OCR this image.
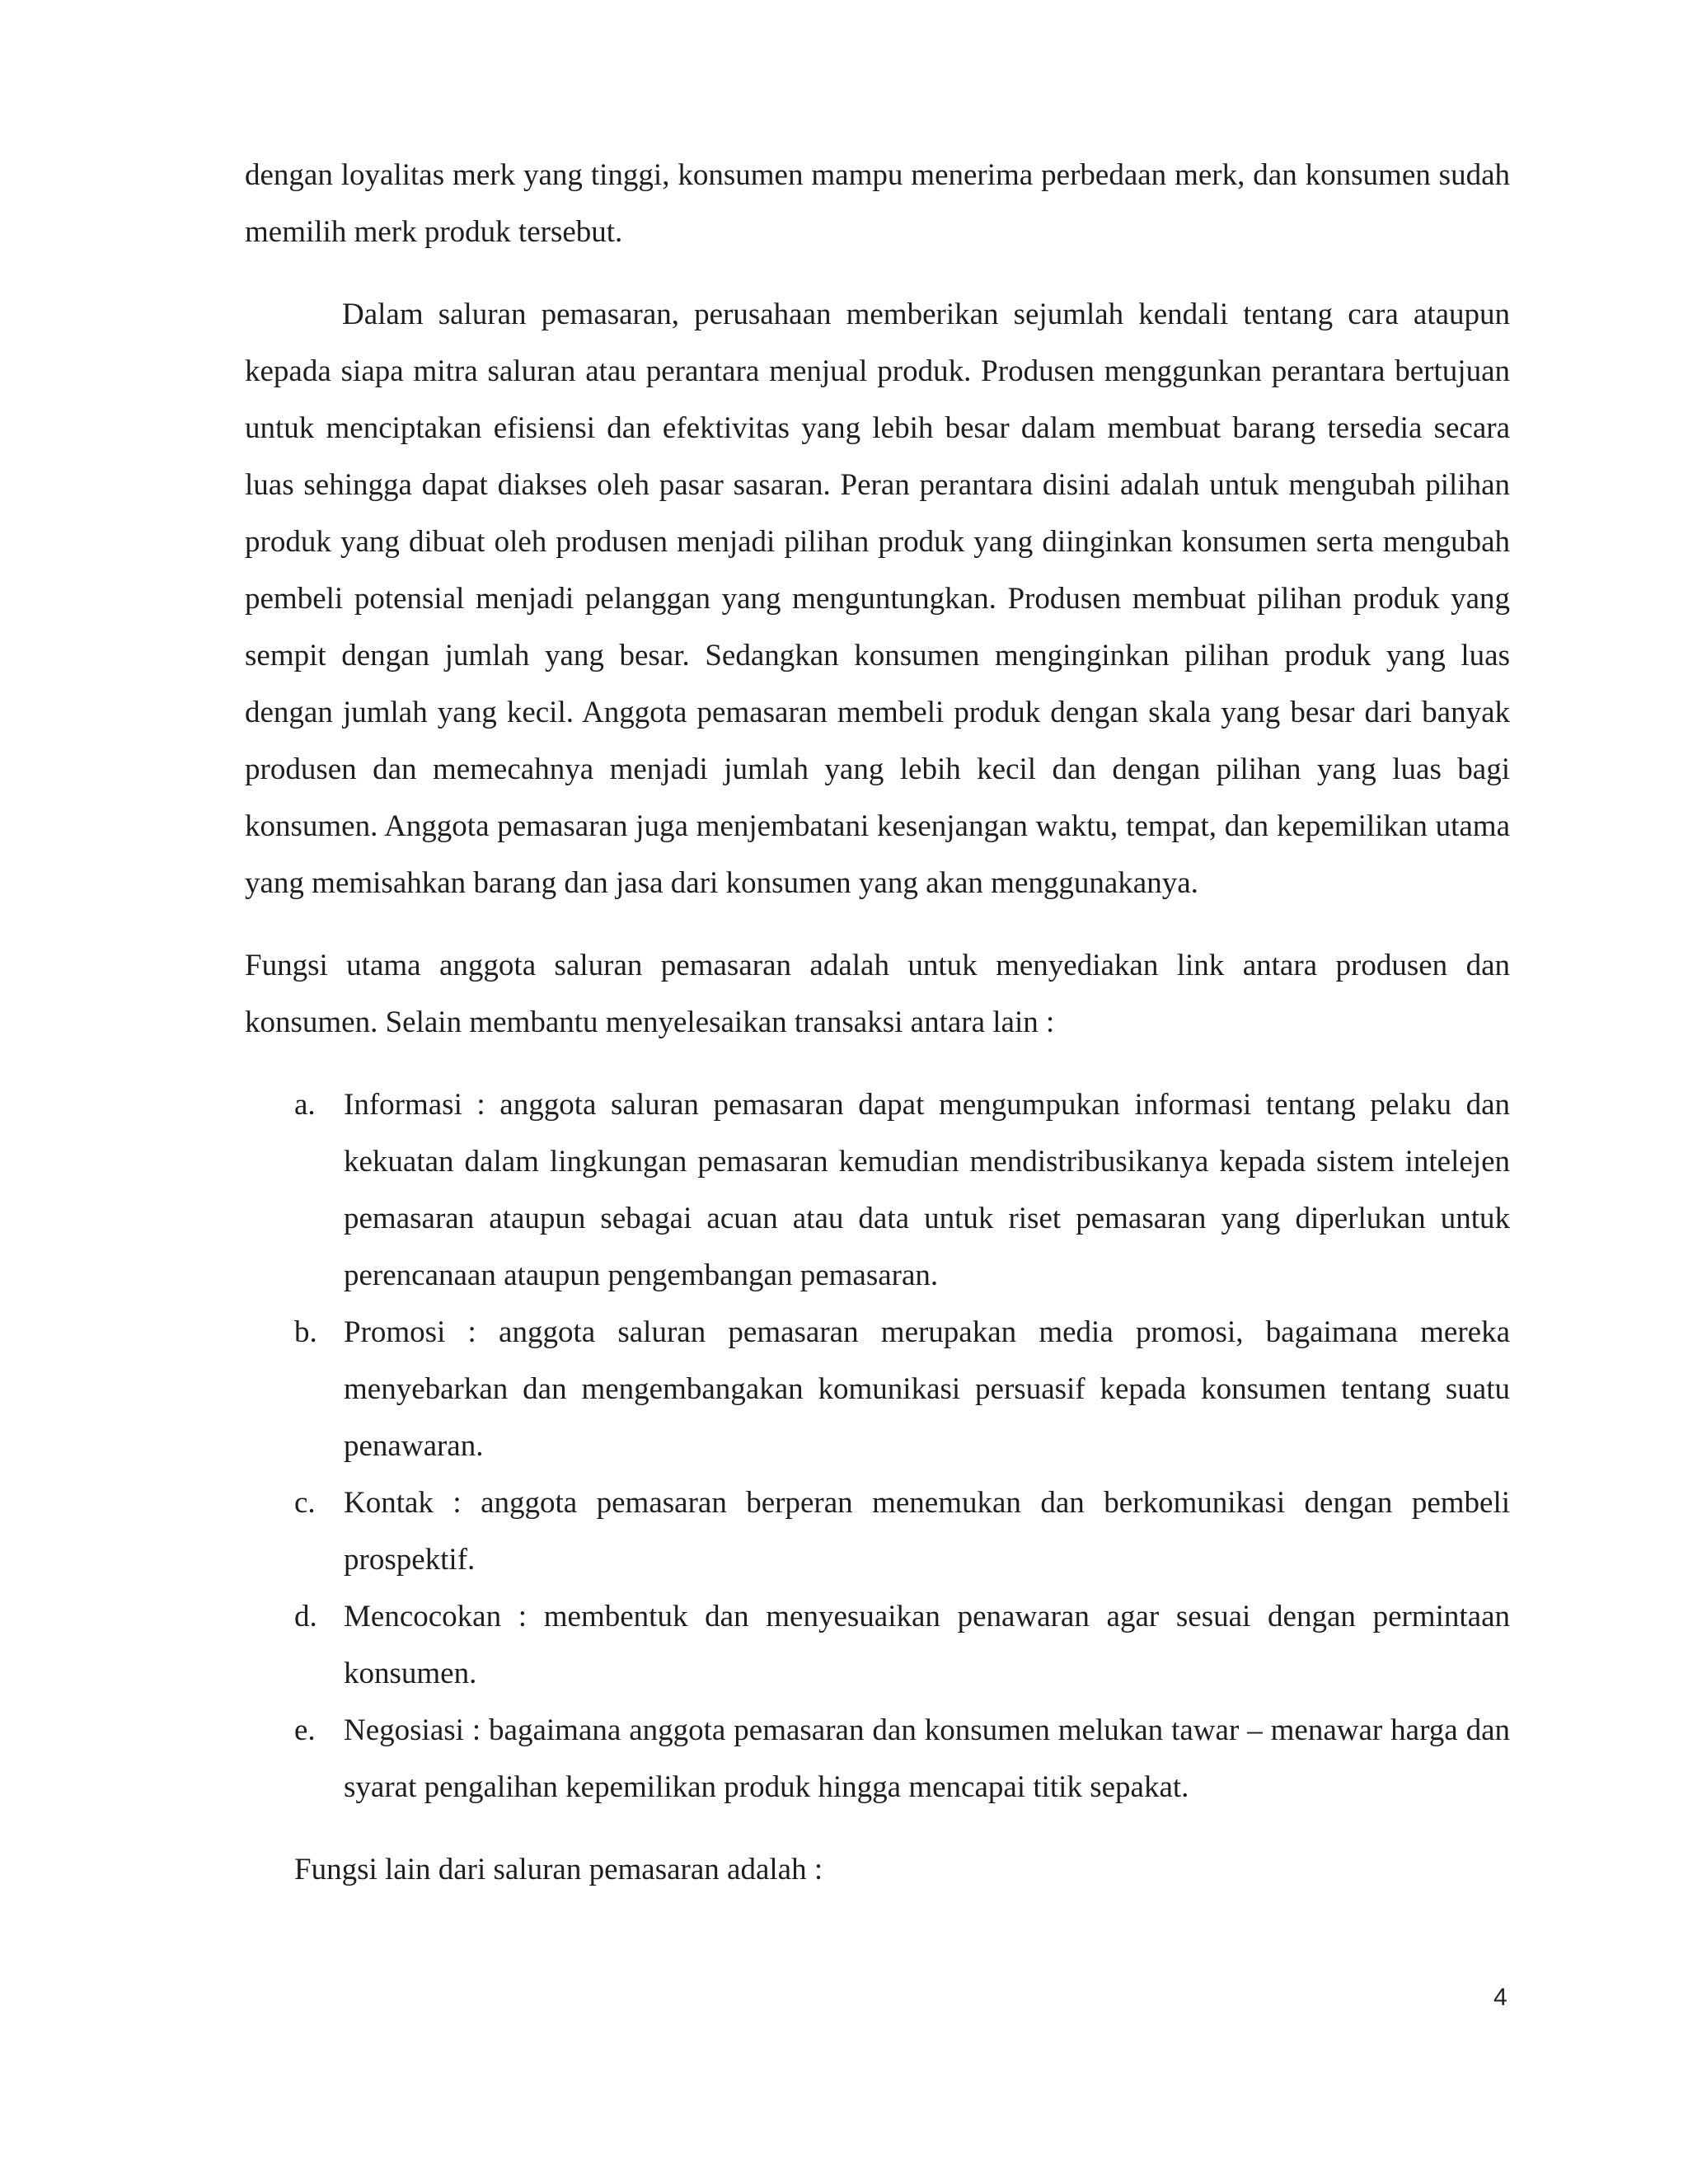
dengan loyalitas merk yang tinggi, konsumen mampu menerima perbedaan merk, dan konsumen sudah memilih merk produk tersebut.

Dalam saluran pemasaran, perusahaan memberikan sejumlah kendali tentang cara ataupun kepada siapa mitra saluran atau perantara menjual produk. Produsen menggunkan perantara bertujuan untuk menciptakan efisiensi dan efektivitas yang lebih besar dalam membuat barang tersedia secara luas sehingga dapat diakses oleh pasar sasaran. Peran perantara disini adalah untuk mengubah pilihan produk yang dibuat oleh produsen menjadi pilihan produk yang diinginkan konsumen serta mengubah pembeli potensial menjadi pelanggan yang menguntungkan. Produsen membuat pilihan produk yang sempit dengan jumlah yang besar. Sedangkan konsumen menginginkan pilihan produk yang luas dengan jumlah yang kecil. Anggota pemasaran membeli produk dengan skala yang besar dari banyak produsen dan memecahnya menjadi jumlah yang lebih kecil dan dengan pilihan yang luas bagi konsumen. Anggota pemasaran juga menjembatani kesenjangan waktu, tempat, dan kepemilikan utama yang memisahkan barang dan jasa dari konsumen yang akan menggunakanya.

Fungsi utama anggota saluran pemasaran adalah untuk menyediakan link antara produsen dan konsumen. Selain membantu menyelesaikan transaksi antara lain :

a. Informasi : anggota saluran pemasaran dapat mengumpukan informasi tentang pelaku dan kekuatan dalam lingkungan pemasaran kemudian mendistribusikanya kepada sistem intelejen pemasaran ataupun sebagai acuan atau data untuk riset pemasaran yang diperlukan untuk perencanaan ataupun pengembangan pemasaran.
b. Promosi : anggota saluran pemasaran merupakan media promosi, bagaimana mereka menyebarkan dan mengembangakan komunikasi persuasif kepada konsumen tentang suatu penawaran.
c. Kontak : anggota pemasaran berperan menemukan dan berkomunikasi dengan pembeli prospektif.
d. Mencocokan : membentuk dan menyesuaikan penawaran agar sesuai dengan permintaan konsumen.
e. Negosiasi : bagaimana anggota pemasaran dan konsumen melukan tawar – menawar harga dan syarat pengalihan kepemilikan produk hingga mencapai titik sepakat.

Fungsi lain dari saluran pemasaran adalah :

4
